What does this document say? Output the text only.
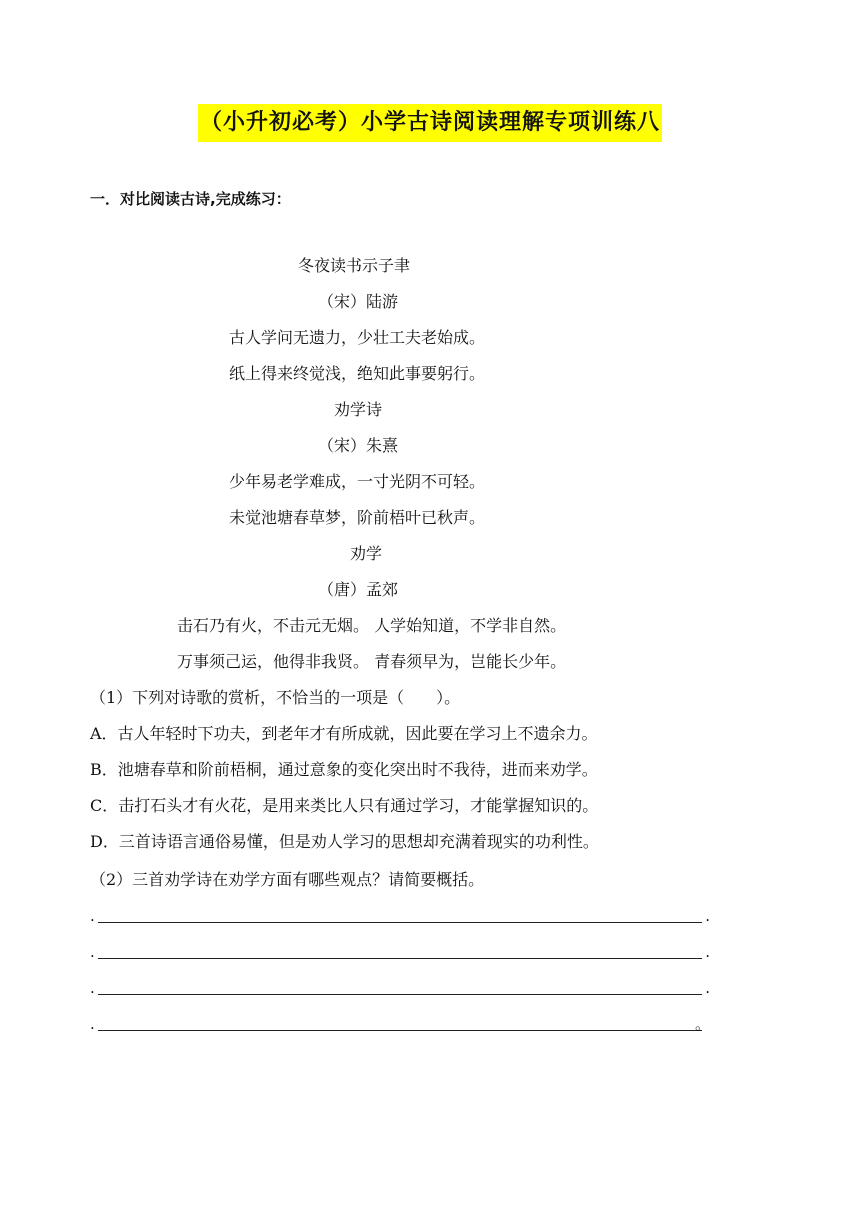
（小升初必考）小学古诗阅读理解专项训练八
一．对比阅读古诗,完成练习：
冬夜读书示子聿
（宋）陆游
古人学问无遗力，少壮工夫老始成。
纸上得来终觉浅，绝知此事要躬行。
劝学诗
（宋）朱熹
少年易老学难成，一寸光阴不可轻。
未觉池塘春草梦，阶前梧叶已秋声。
劝学
（唐）孟郊
击石乃有火，不击元无烟。 人学始知道，不学非自然。
万事须己运，他得非我贤。 青春须早为，岂能长少年。
（1）下列对诗歌的赏析，不恰当的一项是（　　）。
A．古人年轻时下功夫，到老年才有所成就，因此要在学习上不遗余力。
B．池塘春草和阶前梧桐，通过意象的变化突出时不我待，进而来劝学。
C．击打石头才有火花，是用来类比人只有通过学习，才能掌握知识的。
D．三首诗语言通俗易懂，但是劝人学习的思想却充满着现实的功利性。
（2）三首劝学诗在劝学方面有哪些观点？请简要概括。
.	.
.	.
.	.
.	。
